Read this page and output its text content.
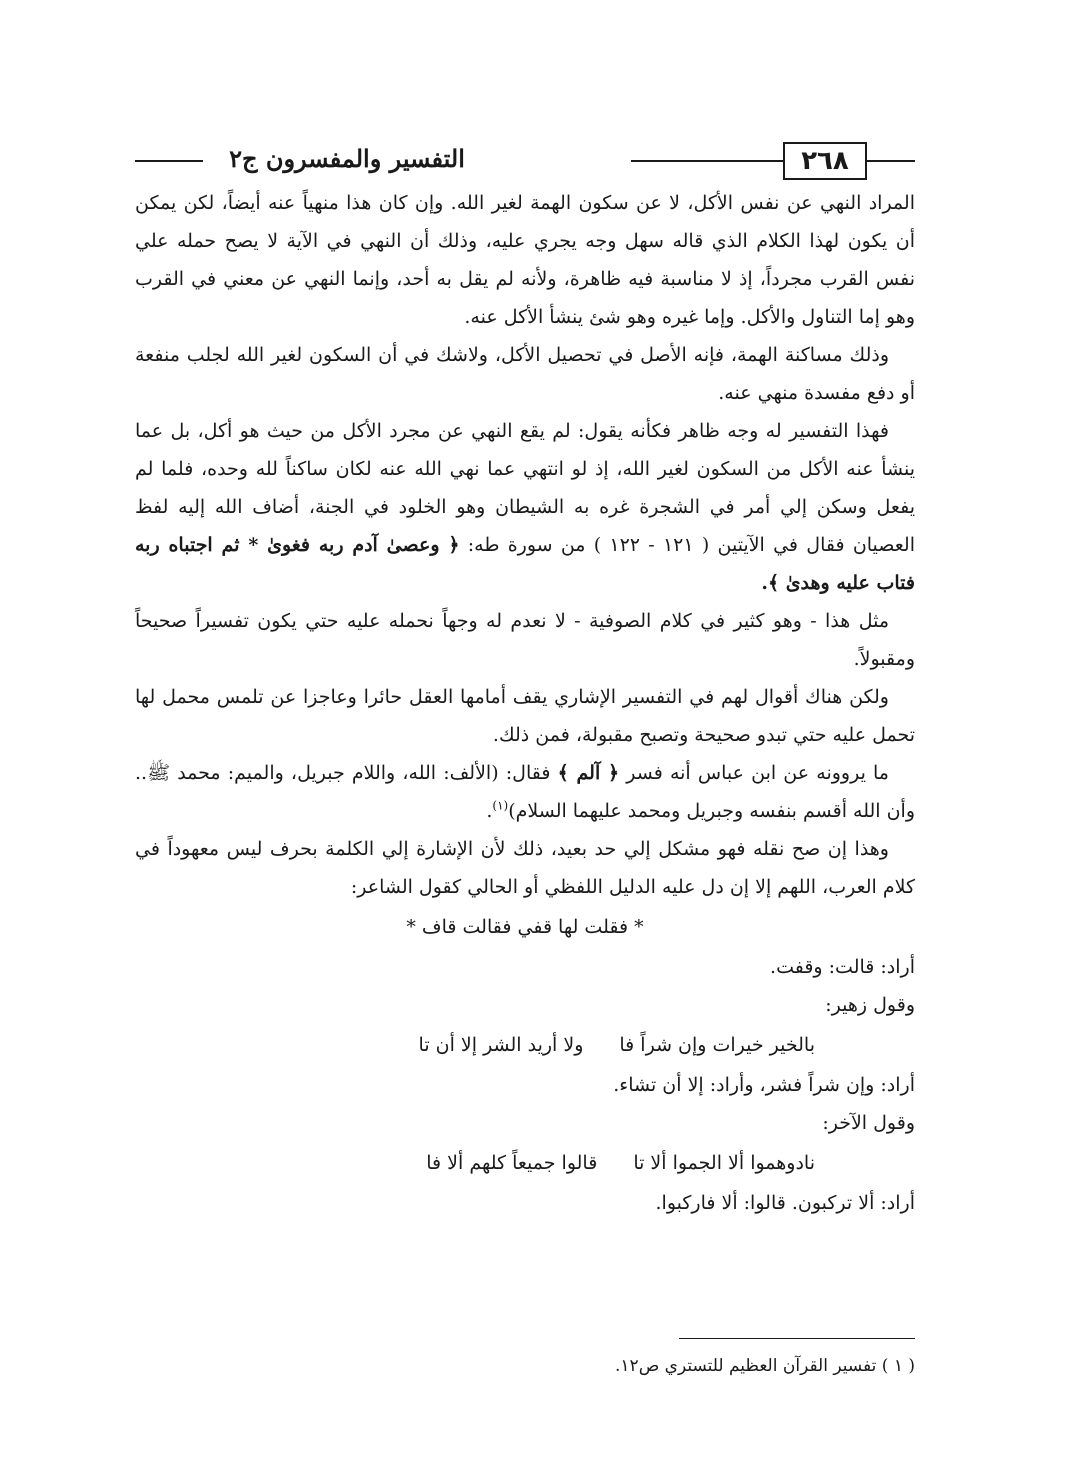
٢٦٨
التفسير والمفسرون ج٢

المراد النهي عن نفس الأكل، لا عن سكون الهمة لغير الله. وإن كان هذا منهياً عنه أيضاً، لكن يمكن أن يكون لهذا الكلام الذي قاله سهل وجه يجري عليه، وذلك أن النهي في الآية لا يصح حمله علي نفس القرب مجرداً، إذ لا مناسبة فيه ظاهرة، ولأنه لم يقل به أحد، وإنما النهي عن معني في القرب وهو إما التناول والأكل. وإما غيره وهو شئ ينشأ الأكل عنه.

وذلك مساكنة الهمة، فإنه الأصل في تحصيل الأكل، ولاشك في أن السكون لغير الله لجلب منفعة أو دفع مفسدة منهي عنه.

فهذا التفسير له وجه ظاهر فكأنه يقول: لم يقع النهي عن مجرد الأكل من حيث هو أكل، بل عما ينشأ عنه الأكل من السكون لغير الله، إذ لو انتهي عما نهي الله عنه لكان ساكناً لله وحده، فلما لم يفعل وسكن إلي أمر في الشجرة غره به الشيطان وهو الخلود في الجنة، أضاف الله إليه لفظ العصيان فقال في الآيتين ( ١٢١ - ١٢٢ ) من سورة طه: ﴿ وعصىٰ آدم ربه فغوىٰ * ثم اجتباه ربه فتاب عليه وهدىٰ ﴾.

مثل هذا - وهو كثير في كلام الصوفية - لا نعدم له وجهاً نحمله عليه حتي يكون تفسيراً صحيحاً ومقبولاً.

ولكن هناك أقوال لهم في التفسير الإشاري يقف أمامها العقل حائرا وعاجزا عن تلمس محمل لها تحمل عليه حتي تبدو صحيحة وتصبح مقبولة، فمن ذلك.

ما يروونه عن ابن عباس أنه فسر ﴿ آلم ﴾ فقال: (الألف: الله، واللام جبريل، والميم: محمد ﷺ.. وأن الله أقسم بنفسه وجبريل ومحمد عليهما السلام)$^{(١)}$.

وهذا إن صح نقله فهو مشكل إلي حد بعيد، ذلك لأن الإشارة إلي الكلمة بحرف ليس معهوداً في كلام العرب، اللهم إلا إن دل عليه الدليل اللفظي أو الحالي كقول الشاعر:

* فقلت لها قفي فقالت قاف *

أراد: قالت: وقفت.

وقول زهير:

بالخير خيرات وإن شراً فا
ولا أريد الشر إلا أن تا

أراد: وإن شراً فشر، وأراد: إلا أن تشاء.

وقول الآخر:

نادوهموا ألا الجموا ألا تا
قالوا جميعاً كلهم ألا فا

أراد: ألا تركبون. قالوا: ألا فاركبوا.

( ١ ) تفسير القرآن العظيم للتستري ص١٢.
